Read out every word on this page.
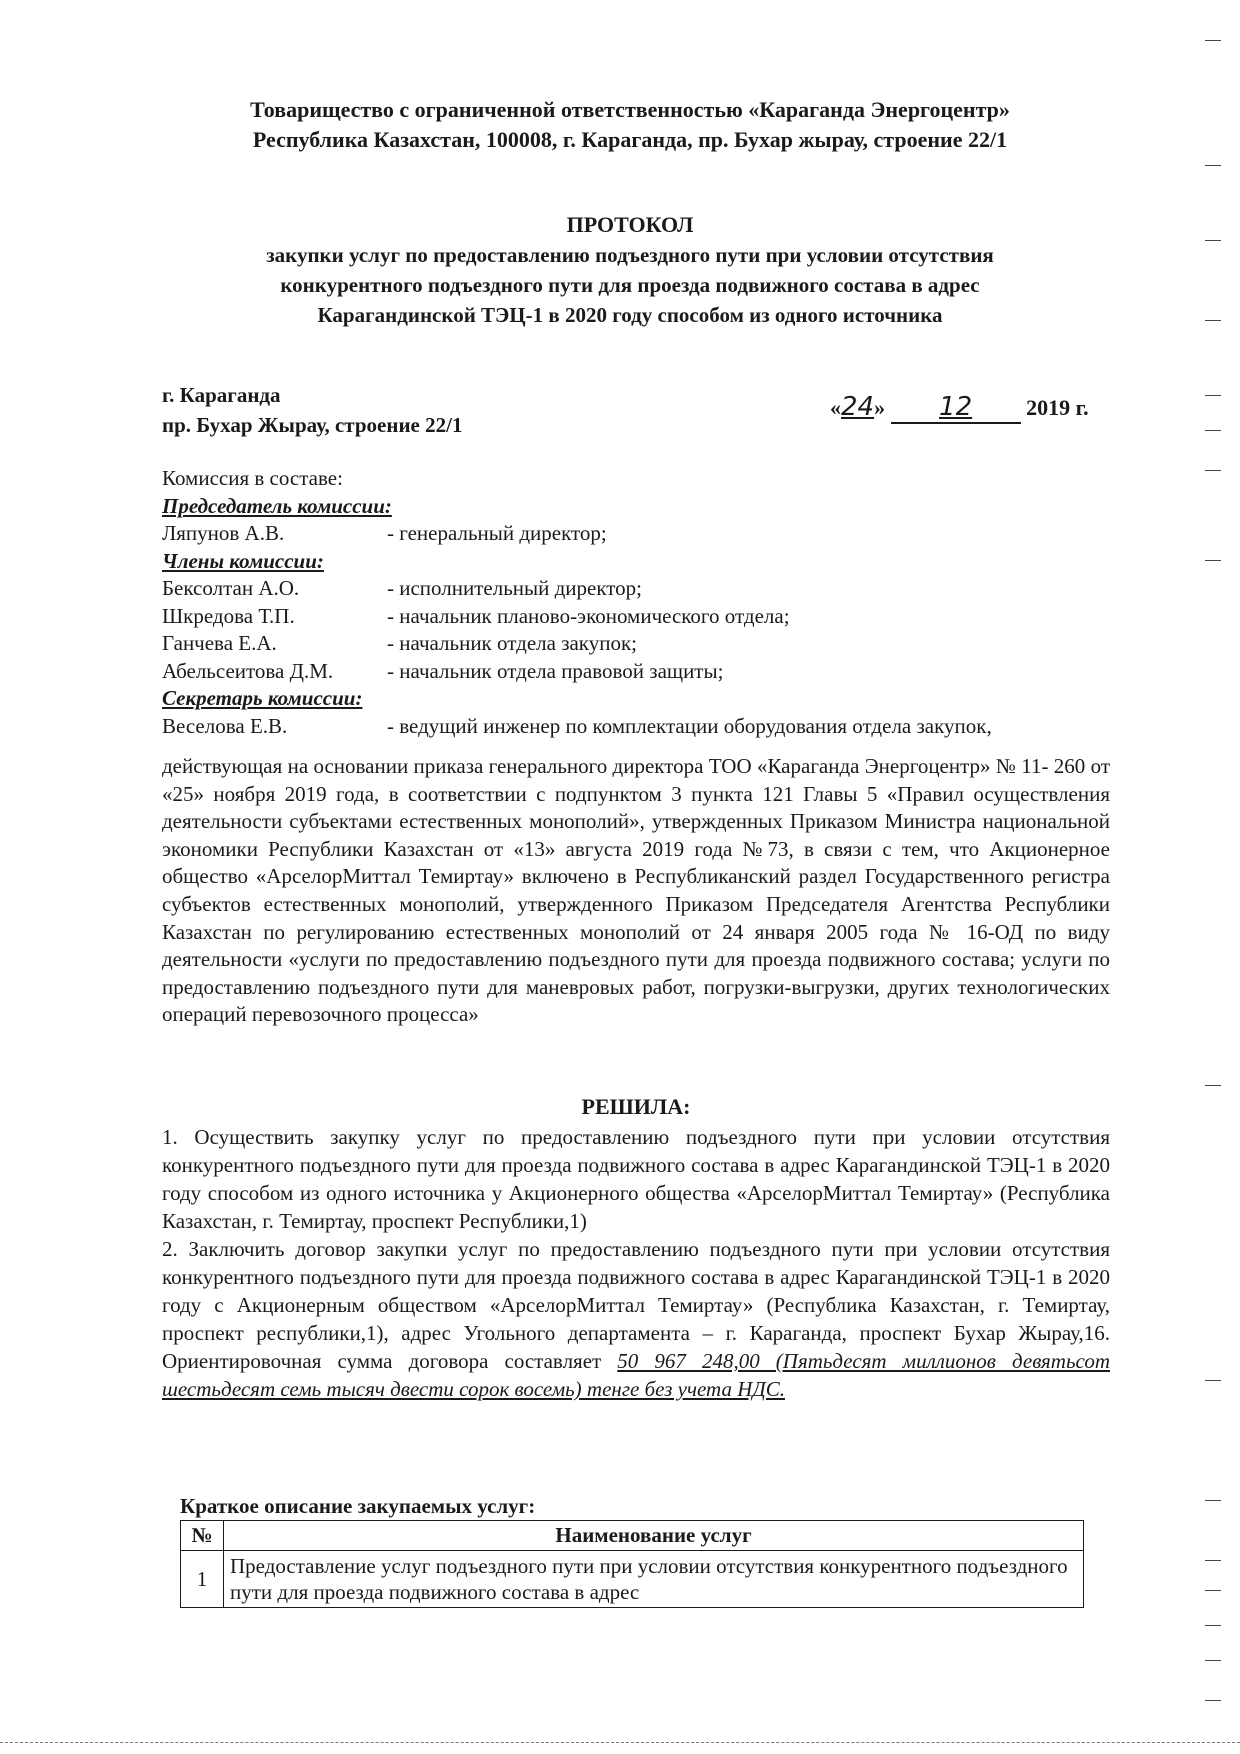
Товарищество с ограниченной ответственностью «Караганда Энергоцентр»
Республика Казахстан, 100008, г. Караганда, пр. Бухар жырау, строение 22/1
ПРОТОКОЛ
закупки услуг по предоставлению подъездного пути при условии отсутствия
конкурентного подъездного пути для проезда подвижного состава в адрес
Карагандинской ТЭЦ-1 в 2020 году способом из одного источника
г. Караганда
пр. Бухар Жырау, строение 22/1
«24» 12 2019 г.
Комиссия в составе:
Председатель комиссии:
Ляпунов А.В.	- генеральный директор;
Члены комиссии:
Бексолтан А.О.	- исполнительный директор;
Шкредова Т.П.	- начальник планово-экономического отдела;
Ганчева Е.А.	- начальник отдела закупок;
Абельсеитова Д.М.	- начальник отдела правовой защиты;
Секретарь комиссии:
Веселова Е.В.	- ведущий инженер по комплектации оборудования отдела закупок,
действующая на основании приказа генерального директора ТОО «Караганда Энергоцентр» № 11- 260 от «25» ноября 2019 года, в соответствии с подпунктом 3 пункта 121 Главы 5 «Правил осуществления деятельности субъектами естественных монополий», утвержденных Приказом Министра национальной экономики Республики Казахстан от «13» августа 2019 года №73, в связи с тем, что Акционерное общество «АрселорМиттал Темиртау» включено в Республиканский раздел Государственного регистра субъектов естественных монополий, утвержденного Приказом Председателя Агентства Республики Казахстан по регулированию естественных монополий от 24 января 2005 года № 16-ОД по виду деятельности «услуги по предоставлению подъездного пути для проезда подвижного состава; услуги по предоставлению подъездного пути для маневровых работ, погрузки-выгрузки, других технологических операций перевозочного процесса»
РЕШИЛА:

1. Осуществить закупку услуг по предоставлению подъездного пути при условии отсутствия конкурентного подъездного пути для проезда подвижного состава в адрес Карагандинской ТЭЦ-1 в 2020 году способом из одного источника у Акционерного общества «АрселорМиттал Темиртау» (Республика Казахстан, г. Темиртау, проспект Республики,1)

2. Заключить договор закупки услуг по предоставлению подъездного пути при условии отсутствия конкурентного подъездного пути для проезда подвижного состава в адрес Карагандинской ТЭЦ-1 в 2020 году с Акционерным обществом «АрселорМиттал Темиртау» (Республика Казахстан, г. Темиртау, проспект республики,1), адрес Угольного департамента – г. Караганда, проспект Бухар Жырау,16. Ориентировочная сумма договора составляет 50 967 248,00 (Пятьдесят миллионов девятьсот шестьдесят семь тысяч двести сорок восемь) тенге без учета НДС.

Краткое описание закупаемых услуг:
№	Наименование услуг
1	Предоставление услуг подъездного пути при условии отсутствия конкурентного подъездного пути для проезда подвижного состава в адрес
